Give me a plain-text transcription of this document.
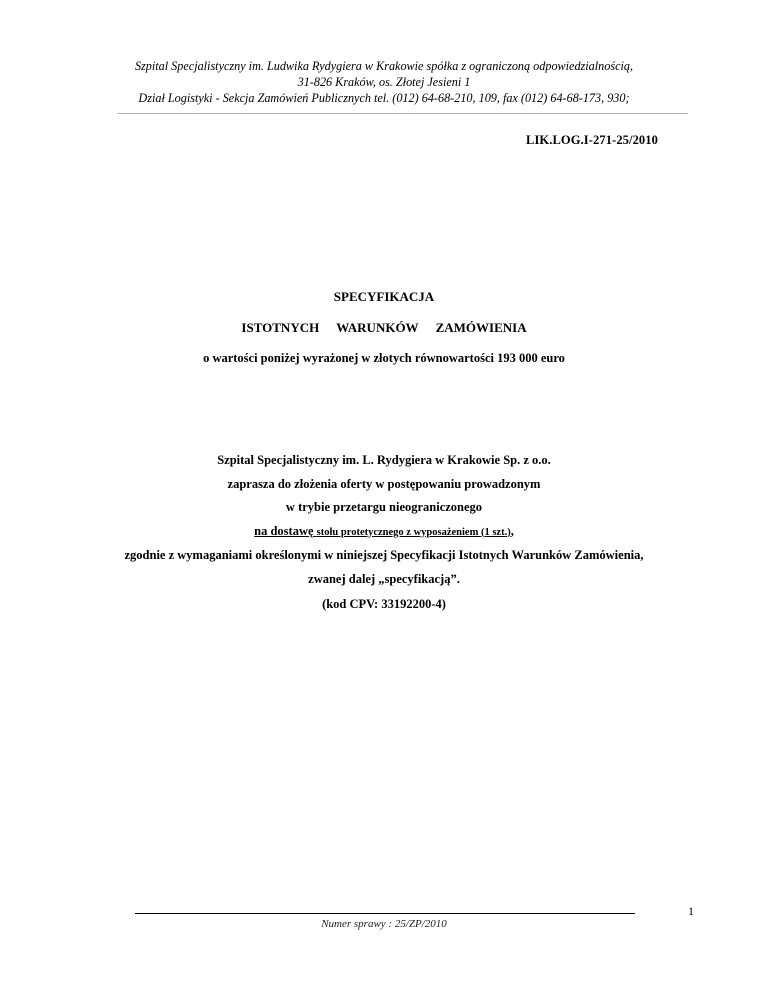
Szpital Specjalistyczny im. Ludwika Rydygiera w Krakowie spółka z ograniczoną odpowiedzialnością,
31-826 Kraków, os. Złotej Jesieni 1
Dział Logistyki - Sekcja Zamówień Publicznych tel. (012) 64-68-210, 109, fax (012) 64-68-173, 930;
LIK.LOG.I-271-25/2010
SPECYFIKACJA
ISTOTNYCH WARUNKÓW ZAMÓWIENIA
o wartości poniżej wyrażonej w złotych równowartości 193 000 euro
Szpital Specjalistyczny im. L. Rydygiera w Krakowie Sp. z o.o.
zaprasza do złożenia oferty w postępowaniu prowadzonym
w trybie przetargu nieograniczonego
na dostawę stołu protetycznego z wyposażeniem (1 szt.),
zgodnie z wymaganiami określonymi w niniejszej Specyfikacji Istotnych Warunków Zamówienia,
zwanej dalej „specyfikacją”.
(kod CPV: 33192200-4)
Numer sprawy : 25/ZP/2010
1
